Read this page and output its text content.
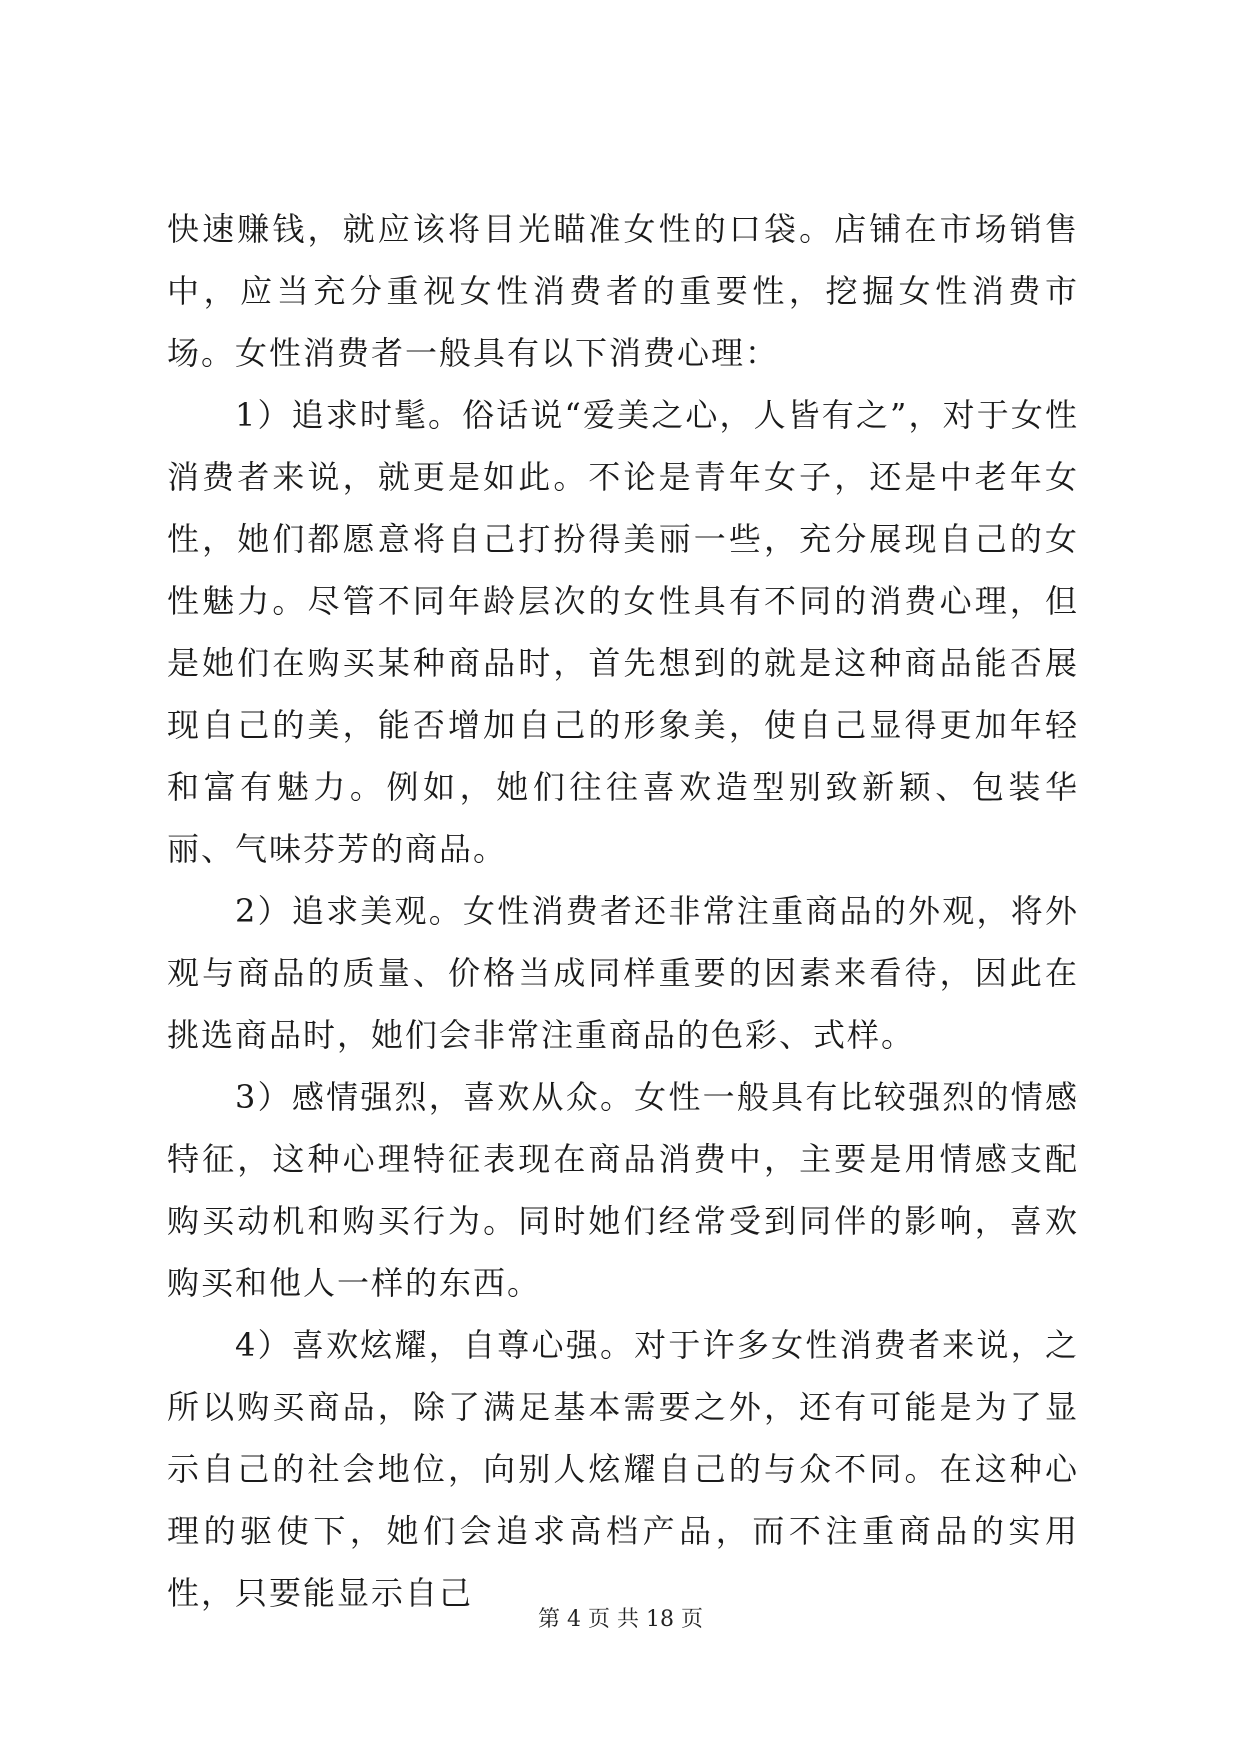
快速赚钱，就应该将目光瞄准女性的口袋。店铺在市场销售中，应当充分重视女性消费者的重要性，挖掘女性消费市场。女性消费者一般具有以下消费心理：

1）追求时髦。俗话说“爱美之心，人皆有之”，对于女性消费者来说，就更是如此。不论是青年女子，还是中老年女性，她们都愿意将自己打扮得美丽一些，充分展现自己的女性魅力。尽管不同年龄层次的女性具有不同的消费心理，但是她们在购买某种商品时，首先想到的就是这种商品能否展现自己的美，能否增加自己的形象美，使自己显得更加年轻和富有魅力。例如，她们往往喜欢造型别致新颖、包装华丽、气味芬芳的商品。

2）追求美观。女性消费者还非常注重商品的外观，将外观与商品的质量、价格当成同样重要的因素来看待，因此在挑选商品时，她们会非常注重商品的色彩、式样。

3）感情强烈，喜欢从众。女性一般具有比较强烈的情感特征，这种心理特征表现在商品消费中，主要是用情感支配购买动机和购买行为。同时她们经常受到同伴的影响，喜欢购买和他人一样的东西。

4）喜欢炫耀，自尊心强。对于许多女性消费者来说，之所以购买商品，除了满足基本需要之外，还有可能是为了显示自己的社会地位，向别人炫耀自己的与众不同。在这种心理的驱使下，她们会追求高档产品，而不注重商品的实用性，只要能显示自己

第 4 页 共 18 页
